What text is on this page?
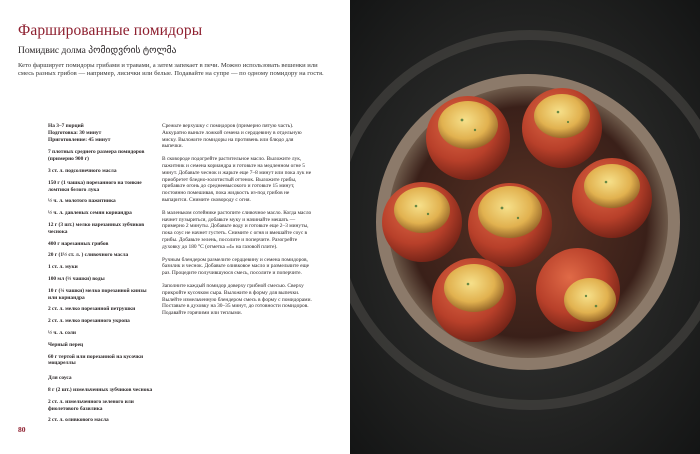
Фаршированные помидоры
Помидвис долма პომიდვრის ტოლმა
Кето фарширует помидоры грибами и травами, а затем запекает в печи. Можно использовать вешенки или смесь разных грибов — например, лисички или белые. Подавайте на супре — по одному помидору на гостя.
На 3–7 порций
Подготовка: 30 минут
Приготовление: 45 минут
7 плотных среднего размера помидоров (примерно 900 г)
3 ст. л. подсолнечного масла
150 г (1 чашка) порезанного на тонкие ломтики белого лука
½ ч. л. молотого пажитника
½ ч. л. давленых семян кориандра
12 г (3 шт.) мелко нарезанных зубчиков чеснока
400 г нарезанных грибов
20 г (1½ ст. л. ) сливочного масла
1 ст. л. муки
100 мл (⅓ чашки) воды
10 г (¼ чашки) мелко порезанной кинзы или кориандра
2 ст. л. мелко порезанной петрушки
2 ст. л. мелко порезанного укропа
½ ч. л. соли
Черный перец
60 г тертой или порезанной на кусочки моцареллы
Для соуса
8 г (2 шт.) измельченных зубчиков чеснока
2 ст. л. измельченного зеленого или фиолетового базилика
2 ст. л. оливкового масла

Срежьте верхушку с помидоров (примерно пятую часть). Аккуратно выньте ложкой семена и сердцевину в отдельную миску. Выложите помидоры на противень или блюдо для выпечки.

В сковороде подогрейте растительное масло. Выложите лук, пажитник и семена кориандра и готовьте на медленном огне 5 минут. Добавьте чеснок и жарьте еще 7–8 минут или пока лук не приобретет бледно-золотистый оттенок. Выложите грибы, прибавьте огонь до среднеевысокого и готовьте 15 минут, постоянно помешивая, пока жидкость из-под грибов не выпарится. Снимите сковороду с огня.

В маленьком сотейнике растопите сливочное масло. Когда масло начнет пузыриться, добавьте муку и начинайте мешать — примерно 2 минуты. Добавьте воду и готовьте еще 2–3 минуты, пока соус не начнет густеть. Снимите с огня и вмешайте соус в грибы. Добавьте зелень, посолите и поперчите. Разогрейте духовку до 180 °С (отметка «4» на газовой плите).

Ручным блендером размелите сердцевину и семена помидоров, базилик и чеснок. Добавьте оливковое масло и размельчите еще раз. Процедите получившуюся смесь, посолите и поперчите.

Заполните каждый помидор доверху грибной смесью. Сверху прикройте кусочком сыра. Выложите в форму для выпечки. Вылейте измельченную блендером смесь в форму с помидорами. Поставьте в духовку на 30–35 минут, до готовности помидоров. Подавайте горячими или теплыми.

80
